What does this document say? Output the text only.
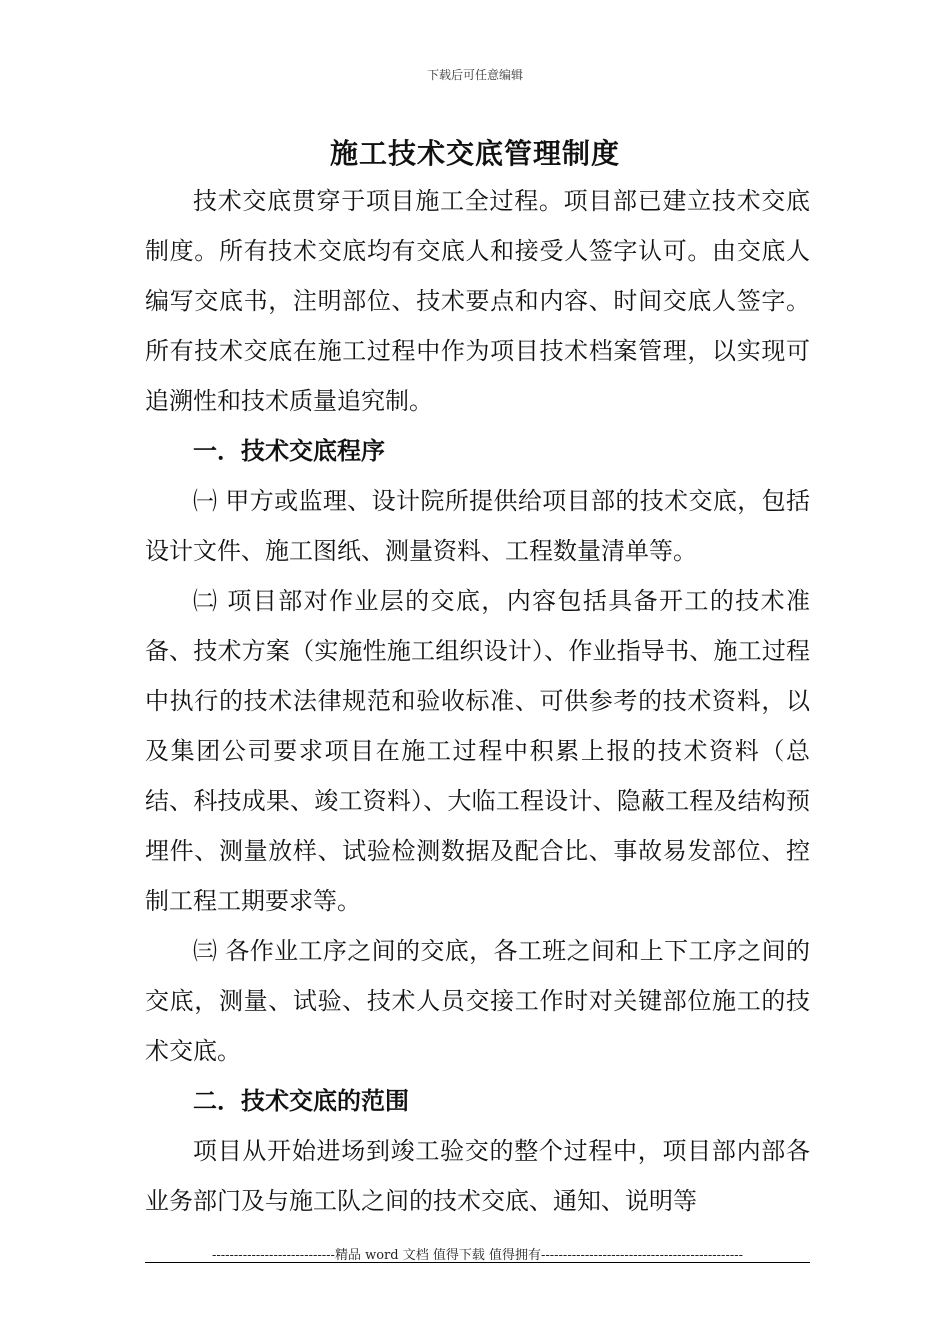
下载后可任意编辑
施工技术交底管理制度

技术交底贯穿于项目施工全过程。项目部已建立技术交底制度。所有技术交底均有交底人和接受人签字认可。由交底人编写交底书，注明部位、技术要点和内容、时间交底人签字。所有技术交底在施工过程中作为项目技术档案管理，以实现可追溯性和技术质量追究制。

一．技术交底程序

㈠ 甲方或监理、设计院所提供给项目部的技术交底，包括设计文件、施工图纸、测量资料、工程数量清单等。

㈡ 项目部对作业层的交底，内容包括具备开工的技术准备、技术方案（实施性施工组织设计）、作业指导书、施工过程中执行的技术法律规范和验收标准、可供参考的技术资料，以及集团公司要求项目在施工过程中积累上报的技术资料（总结、科技成果、竣工资料）、大临工程设计、隐蔽工程及结构预埋件、测量放样、试验检测数据及配合比、事故易发部位、控制工程工期要求等。

㈢ 各作业工序之间的交底，各工班之间和上下工序之间的交底，测量、试验、技术人员交接工作时对关键部位施工的技术交底。

二．技术交底的范围

项目从开始进场到竣工验交的整个过程中，项目部内部各业务部门及与施工队之间的技术交底、通知、说明等

----------------------------精品 word 文档 值得下载 值得拥有----------------------------------------------
